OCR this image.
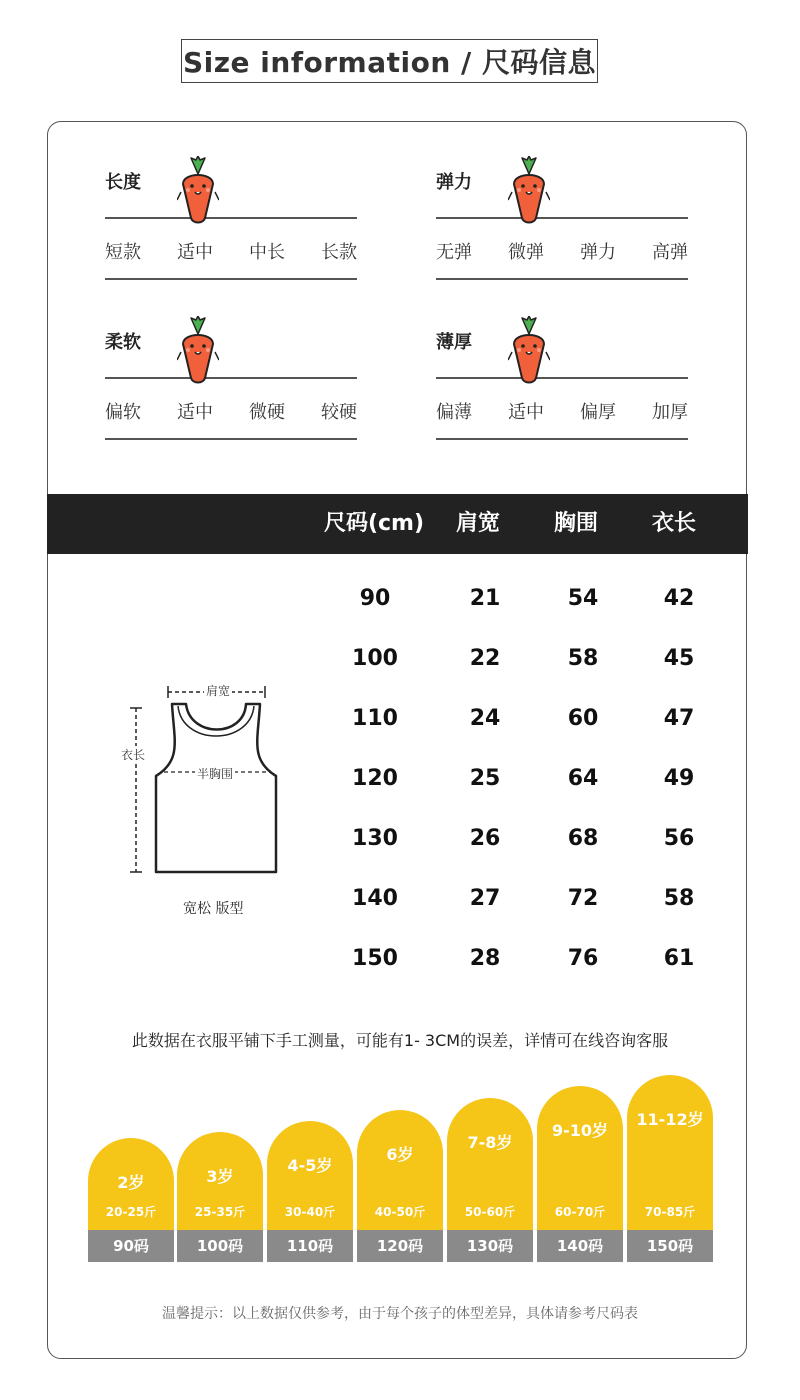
Size information / 尺码信息
长度
短款 适中 中长 长款
弹力
无弹 微弹 弹力 高弹
柔软
偏软 适中 微硬 较硬
薄厚
偏薄 适中 偏厚 加厚
尺码(cm)	肩宽	胸围	衣长
90	21	54	42
100	22	58	45
110	24	60	47
120	25	64	49
130	26	68	56
140	27	72	58
150	28	76	61
肩宽
衣长
半胸围
宽松 版型
此数据在衣服平铺下手工测量，可能有1- 3CM的误差，详情可在线咨询客服
2岁
20-25斤
90码
3岁
25-35斤
100码
4-5岁
30-40斤
110码
6岁
40-50斤
120码
7-8岁
50-60斤
130码
9-10岁
60-70斤
140码
11-12岁
70-85斤
150码
温馨提示：以上数据仅供参考，由于每个孩子的体型差异，具体请参考尺码表
